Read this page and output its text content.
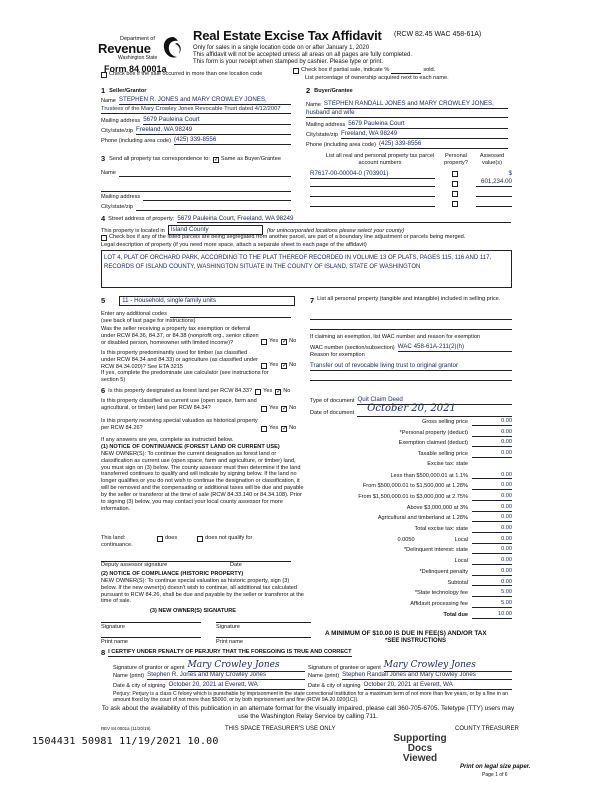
Department of
Revenue
Washington State
Form 84 0001a
Real Estate Excise Tax Affidavit (RCW 82.45 WAC 458-61A)
Only for sales in a single location code on or after January 1, 2020
This affidavit will not be accepted unless all areas on all pages are fully completed.
This form is your receipt when stamped by cashier. Please type or print.
Check box if the sale occurred in more than one location code
Check box if partial sale, indicate %	sold.
List percentage of ownership acquired next to each name.
1 Seller/Grantor
Name STEPHEN R. JONES and MARY CROWLEY JONES,
Trustees of the Mary Crowley Jones Revocable Trust dated 4/12/2007
Mailing address 5679 Pauleina Court
City/state/zip Freeland, WA 98249
Phone (including area code) (425) 339-8556
2 Buyer/Grantee
Name STEPHEN RANDALL JONES and MARY CROWLEY JONES,
husband and wife
Mailing address 5679 Pauleina Court
City/state/zip Freeland, WA 98249
Phone (including area code) (425) 339-8556
3 Send all property tax correspondence to: ✓ Same as Buyer/Grantee
Name
Mailing address
City/state/zip
List all real and personal property tax parcel account numbers
Personal property?
Assessed value(s)
R7617-00-00004-0 (703901)	$ 601,234.00
4 Street address of property: 5679 Pauleina Court, Freeland, WA 98249
This property is located in Island County	(for unincorporated locations please select your county)
Check box if any of the listed parcels are being segregated from another parcel, are part of a boundary line adjustment or parcels being merged.
Legal description of property (if you need more space, attach a separate sheet to each page of the affidavit)
LOT 4, PLAT OF ORCHARD PARK, ACCORDING TO THE PLAT THEREOF RECORDED IN VOLUME 13 OF PLATS, PAGES 115, 116 AND 117, RECORDS OF ISLAND COUNTY, WASHINGTON SITUATE IN THE COUNTY OF ISLAND, STATE OF WASHINGTON
5	11 - Household, single family units
Enter any additional codes
(see back of last page for instructions)
Was the seller receiving a property tax exemption or deferral under RCW 84.36, 84.37, or 84.38 (nonprofit org., senior citizen or disabled person, homeowner with limited income)?	Yes ✓ No
Is this property predominantly used for timber (as classified under RCW 84.34 and 84.33) or agriculture (as classified under RCW 84.34.020)? See ETA 3215	Yes ✓ No
If yes, complete the predominate use calculator (see instructions for section 5)
6 Is this property designated as forest land per RCW 84.33? Yes ✓ No
Is this property classified as current use (open space, farm and agricultural, or timber) land per RCW 84.34?	Yes ✓ No
Is this property receiving special valuation as historical property per RCW 84.26?	Yes ✓ No
If any answers are yes, complete as instructed below.
(1) NOTICE OF CONTINUANCE (FOREST LAND OR CURRENT USE)
NEW OWNER(S): To continue the current designation as forest land or classification as current use (open space, farm and agriculture, or timber) land, you must sign on (3) below. The county assessor must then determine if the land transferred continues to qualify and will indicate by signing below. If the land no longer qualifies or you do not wish to continue the designation or classification, it will be removed and the compensating or additional taxes will be due and payable by the seller or transferor at the time of sale (RCW 84.33.140 or 84.34.108). Prior to signing (3) below, you may contact your local county assessor for more information.
This land:	does	does not qualify for
continuance.
Deputy assessor signature	Date
(2) NOTICE OF COMPLIANCE (HISTORIC PROPERTY)
NEW OWNER(S): To continue special valuation as historic property, sign (3) below. If the new owner(s) doesn't wish to continue, all additional tax calculated pursuant to RCW 84.26, shall be due and payable by the seller or transferor at the time of sale.
(3) NEW OWNER(S) SIGNATURE
Signature	Signature
Print name	Print name
7 List all personal property (tangible and intangible) included in selling price.
If claiming an exemption, list WAC number and reason for exemption
WAC number (section/subsection) WAC 458-61A-211(2)(h)
Reason for exemption
Transfer out of revocable living trust to original grantor
Type of document Quit Claim Deed
Date of document	October 20, 2021
Gross selling price	0.00
*Personal property (deduct)	0.00
Exemption claimed (deduct)	0.00
Taxable selling price	0.00
Excise tax: state
Less than $500,000.01 at 1.1%	0.00
From $500,000.01 to $1,500,000 at 1.28%	0.00
From $1,500,000.01 to $3,000,000 at 2.75%	0.00
Above $3,000,000 at 3%	0.00
Agricultural and timberland at 1.28%	0.00
Total excise tax: state	0.00
0.0050	Local	0.00
*Delinquent interest: state	0.00
Local	0.00
*Delinquent penalty	0.00
Subtotal	0.00
*State technology fee	5.00
Affidavit processing fee	5.00
Total due	10.00
A MINIMUM OF $10.00 IS DUE IN FEE(S) AND/OR TAX
*SEE INSTRUCTIONS
8 I CERTIFY UNDER PENALTY OF PERJURY THAT THE FOREGOING IS TRUE AND CORRECT
Signature of grantor or agent Mary Crowley Jones	Signature of grantee or agent Mary Crowley Jones
Name (print) Stephen R. Jones and Mary Crowley Jones	Name (print) Stephen Randall Jones and Mary Crowley Jones
Date & city of signing October 20, 2021 at Everett, WA	Date & city of signing October 20, 2021 at Everett, WA
Perjury: Perjury is a class C felony which is punishable by imprisonment in the state correctional institution for a maximum term of not more than five years, or by a fine in an amount fixed by the court of not more than $5000, or by both imprisonment and fine (RCW 9A.20.020(1C)).
To ask about the availability of this publication in an alternate format for the visually impaired, please call 360-705-6705. Teletype (TTY) users may use the Washington Relay Service by calling 711.
THIS SPACE TREASURER'S USE ONLY	COUNTY TREASURER
1504431 50981 11/19/2021 10.00
REV 84 0001a (11/20/19)
Supporting
Docs Viewed
Print on legal size paper.
Page 1 of 6
